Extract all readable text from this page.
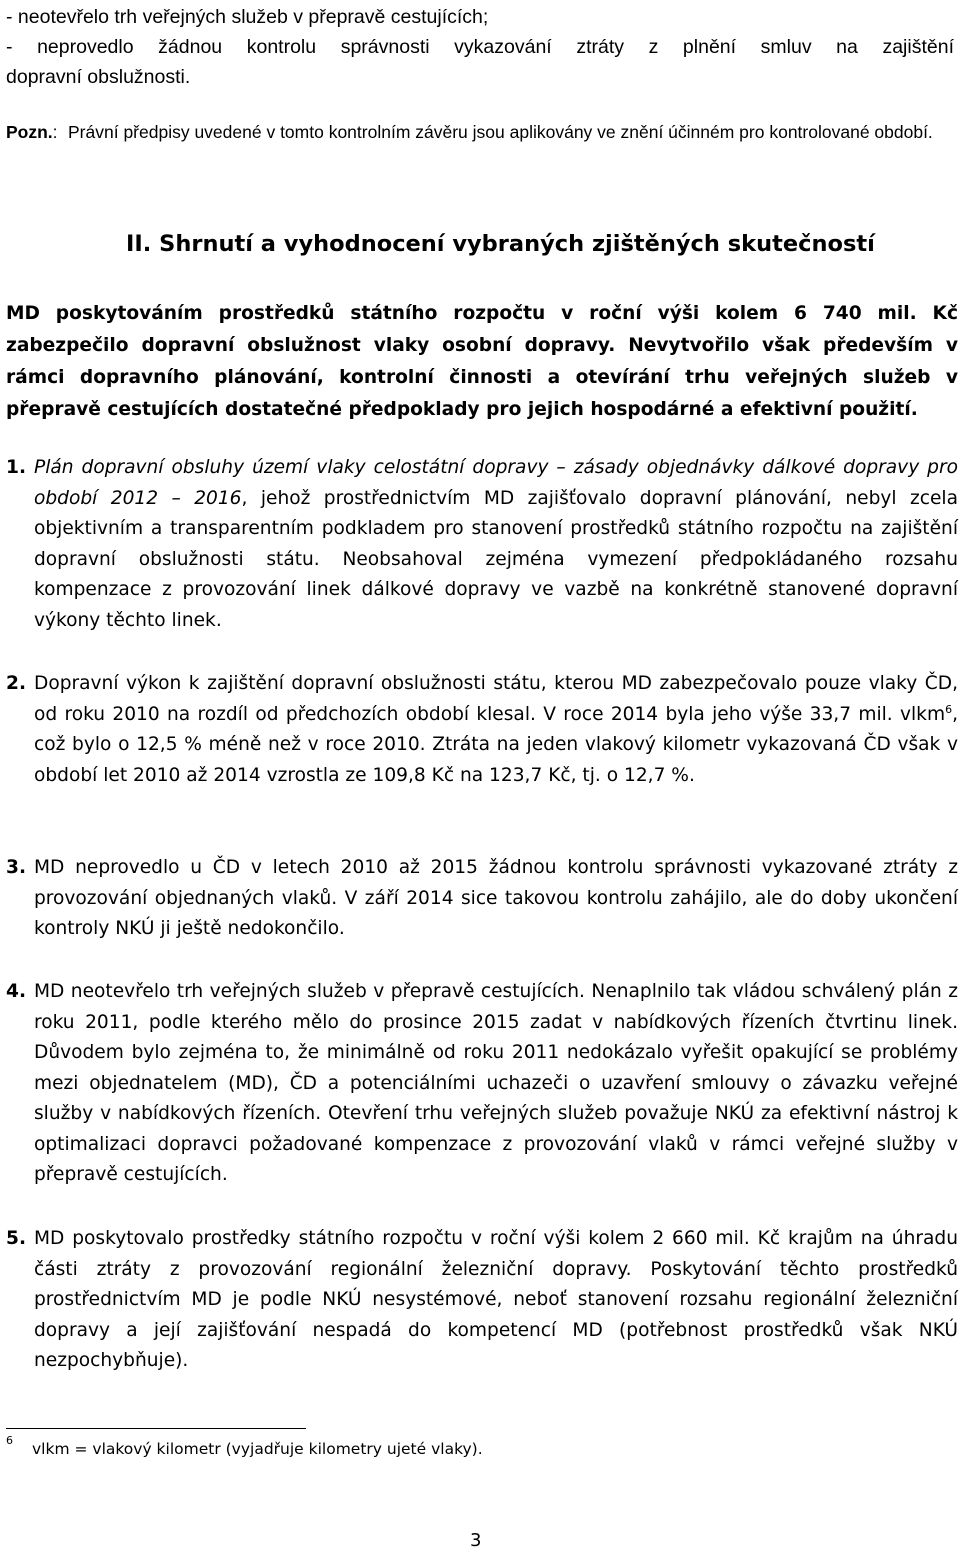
- neotevřelo trh veřejných služeb v přepravě cestujících;
- neprovedlo žádnou kontrolu správnosti vykazování ztráty z plnění smluv na zajištění
dopravní obslužnosti.
Pozn.: Právní předpisy uvedené v tomto kontrolním závěru jsou aplikovány ve znění účinném pro kontrolované období.
II. Shrnutí a vyhodnocení vybraných zjištěných skutečností
MD poskytováním prostředků státního rozpočtu v roční výši kolem 6 740 mil. Kč zabezpečilo dopravní obslužnost vlaky osobní dopravy. Nevytvořilo však především v rámci dopravního plánování, kontrolní činnosti a otevírání trhu veřejných služeb v přepravě cestujících dostatečné předpoklady pro jejich hospodárné a efektivní použití.
1. Plán dopravní obsluhy území vlaky celostátní dopravy – zásady objednávky dálkové dopravy pro období 2012 – 2016, jehož prostřednictvím MD zajišťovalo dopravní plánování, nebyl zcela objektivním a transparentním podkladem pro stanovení prostředků státního rozpočtu na zajištění dopravní obslužnosti státu. Neobsahoval zejména vymezení předpokládaného rozsahu kompenzace z provozování linek dálkové dopravy ve vazbě na konkrétně stanovené dopravní výkony těchto linek.
2. Dopravní výkon k zajištění dopravní obslužnosti státu, kterou MD zabezpečovalo pouze vlaky ČD, od roku 2010 na rozdíl od předchozích období klesal. V roce 2014 byla jeho výše 33,7 mil. vlkm$^6$, což bylo o 12,5 % méně než v roce 2010. Ztráta na jeden vlakový kilometr vykazovaná ČD však v období let 2010 až 2014 vzrostla ze 109,8 Kč na 123,7 Kč, tj. o 12,7 %.
3. MD neprovedlo u ČD v letech 2010 až 2015 žádnou kontrolu správnosti vykazované ztráty z provozování objednaných vlaků. V září 2014 sice takovou kontrolu zahájilo, ale do doby ukončení kontroly NKÚ ji ještě nedokončilo.
4. MD neotevřelo trh veřejných služeb v přepravě cestujících. Nenaplnilo tak vládou schválený plán z roku 2011, podle kterého mělo do prosince 2015 zadat v nabídkových řízeních čtvrtinu linek. Důvodem bylo zejména to, že minimálně od roku 2011 nedokázalo vyřešit opakující se problémy mezi objednatelem (MD), ČD a potenciálními uchazeči o uzavření smlouvy o závazku veřejné služby v nabídkových řízeních. Otevření trhu veřejných služeb považuje NKÚ za efektivní nástroj k optimalizaci dopravci požadované kompenzace z provozování vlaků v rámci veřejné služby v přepravě cestujících.
5. MD poskytovalo prostředky státního rozpočtu v roční výši kolem 2 660 mil. Kč krajům na úhradu části ztráty z provozování regionální železniční dopravy. Poskytování těchto prostředků prostřednictvím MD je podle NKÚ nesystémové, neboť stanovení rozsahu regionální železniční dopravy a její zajišťování nespadá do kompetencí MD (potřebnost prostředků však NKÚ nezpochybňuje).
6 vlkm = vlakový kilometr (vyjadřuje kilometry ujeté vlaky).
3
